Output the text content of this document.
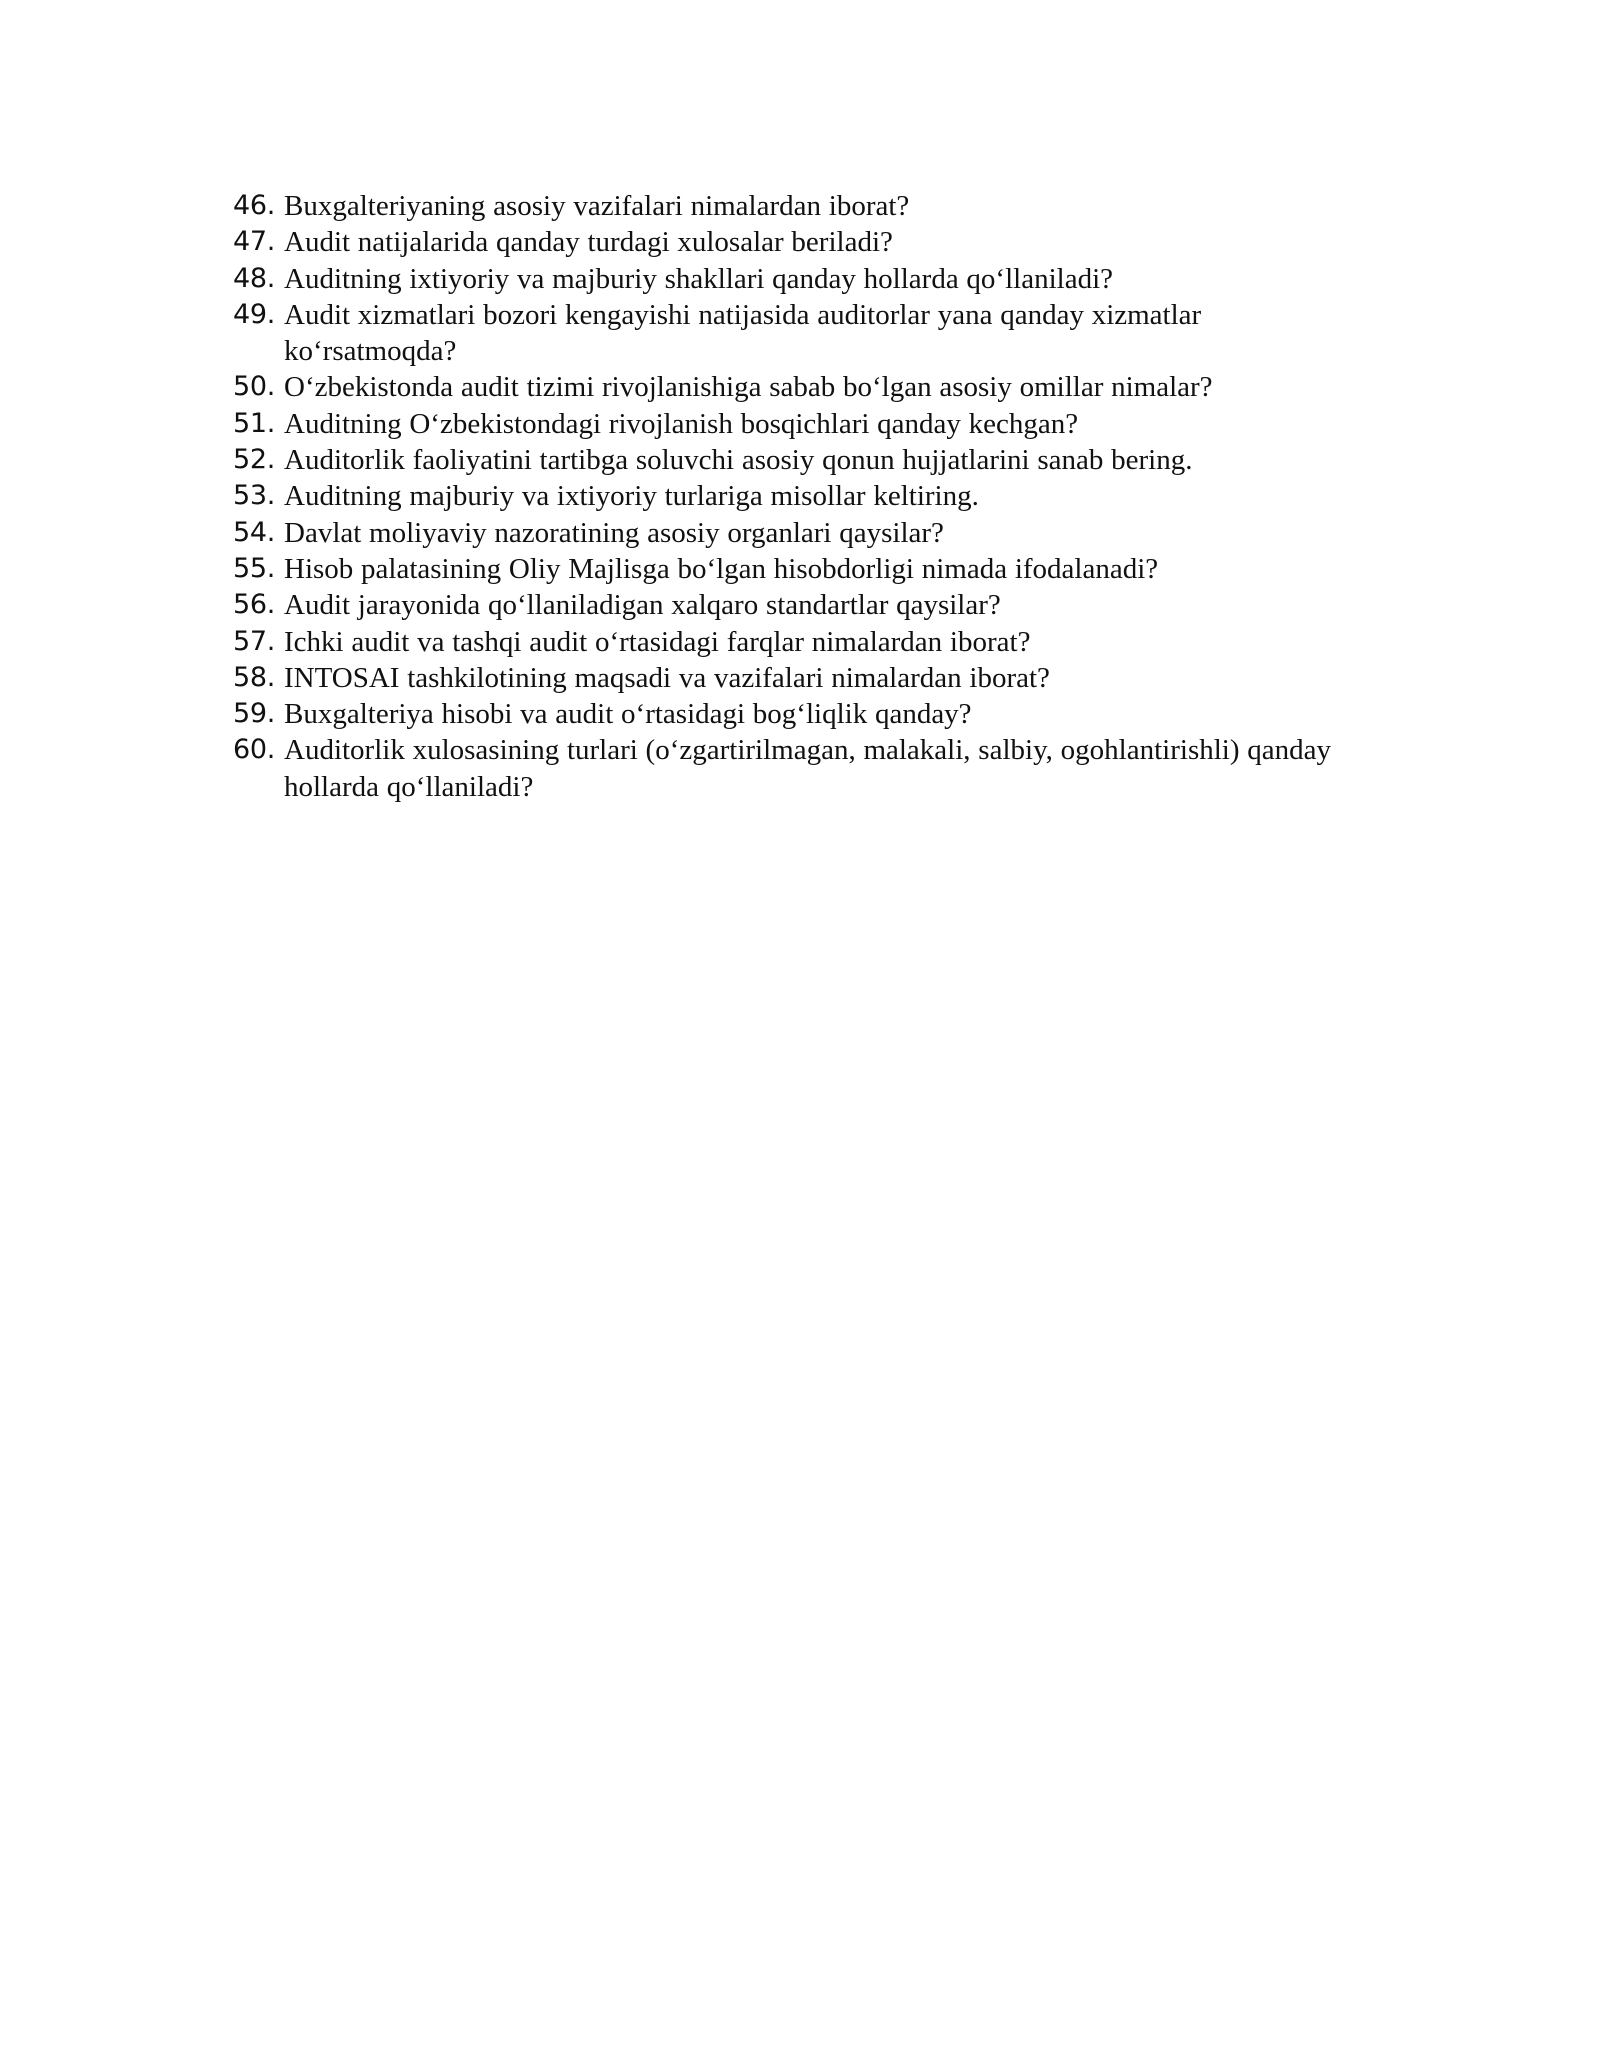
46. Buxgalteriyaning asosiy vazifalari nimalardan iborat?
47. Audit natijalarida qanday turdagi xulosalar beriladi?
48. Auditning ixtiyoriy va majburiy shakllari qanday hollarda qo‘llaniladi?
49. Audit xizmatlari bozori kengayishi natijasida auditorlar yana qanday xizmatlar ko‘rsatmoqda?
50. O‘zbekistonda audit tizimi rivojlanishiga sabab bo‘lgan asosiy omillar nimalar?
51. Auditning O‘zbekistondagi rivojlanish bosqichlari qanday kechgan?
52. Auditorlik faoliyatini tartibga soluvchi asosiy qonun hujjatlarini sanab bering.
53. Auditning majburiy va ixtiyoriy turlariga misollar keltiring.
54. Davlat moliyaviy nazoratining asosiy organlari qaysilar?
55. Hisob palatasining Oliy Majlisga bo‘lgan hisobdorligi nimada ifodalanadi?
56. Audit jarayonida qo‘llaniladigan xalqaro standartlar qaysilar?
57. Ichki audit va tashqi audit o‘rtasidagi farqlar nimalardan iborat?
58. INTOSAI tashkilotining maqsadi va vazifalari nimalardan iborat?
59. Buxgalteriya hisobi va audit o‘rtasidagi bog‘liqlik qanday?
60. Auditorlik xulosasining turlari (o‘zgartirilmagan, malakali, salbiy, ogohlantirishli) qanday hollarda qo‘llaniladi?
